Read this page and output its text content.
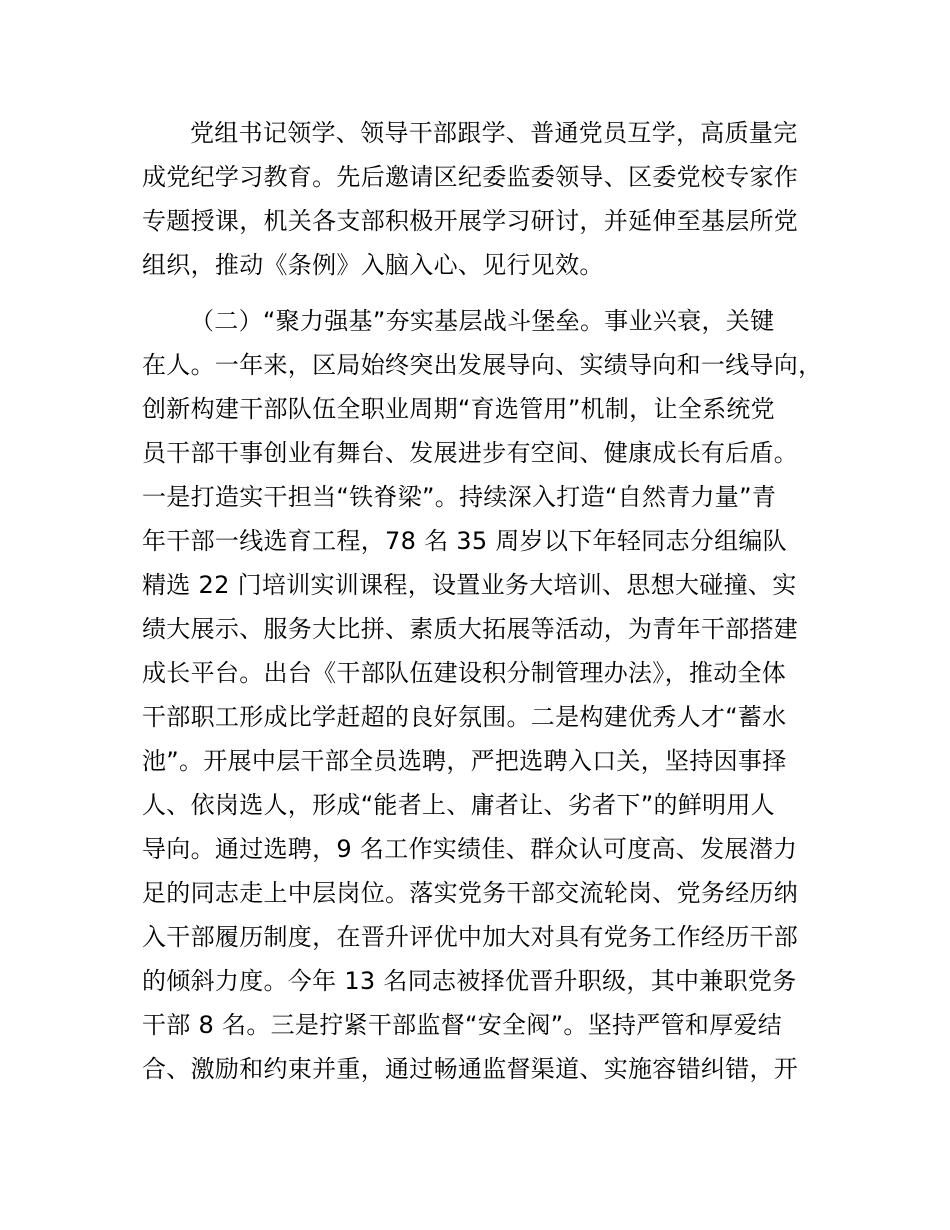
党组书记领学、领导干部跟学、普通党员互学，高质量完
成党纪学习教育。先后邀请区纪委监委领导、区委党校专家作
专题授课，机关各支部积极开展学习研讨，并延伸至基层所党
组织，推动《条例》入脑入心、见行见效。
（二）“聚力强基”夯实基层战斗堡垒。事业兴衰，关键
在人。一年来，区局始终突出发展导向、实绩导向和一线导向，
创新构建干部队伍全职业周期“育选管用”机制，让全系统党
员干部干事创业有舞台、发展进步有空间、健康成长有后盾。
一是打造实干担当“铁脊梁”。持续深入打造“自然青力量”青
年干部一线选育工程，78 名 35 周岁以下年轻同志分组编队
精选 22 门培训实训课程，设置业务大培训、思想大碰撞、实
绩大展示、服务大比拼、素质大拓展等活动，为青年干部搭建
成长平台。出台《干部队伍建设积分制管理办法》，推动全体
干部职工形成比学赶超的良好氛围。二是构建优秀人才“蓄水
池”。开展中层干部全员选聘，严把选聘入口关，坚持因事择
人、依岗选人，形成“能者上、庸者让、劣者下”的鲜明用人
导向。通过选聘，9 名工作实绩佳、群众认可度高、发展潜力
足的同志走上中层岗位。落实党务干部交流轮岗、党务经历纳
入干部履历制度，在晋升评优中加大对具有党务工作经历干部
的倾斜力度。今年 13 名同志被择优晋升职级，其中兼职党务
干部 8 名。三是拧紧干部监督“安全阀”。坚持严管和厚爱结
合、激励和约束并重，通过畅通监督渠道、实施容错纠错，开
